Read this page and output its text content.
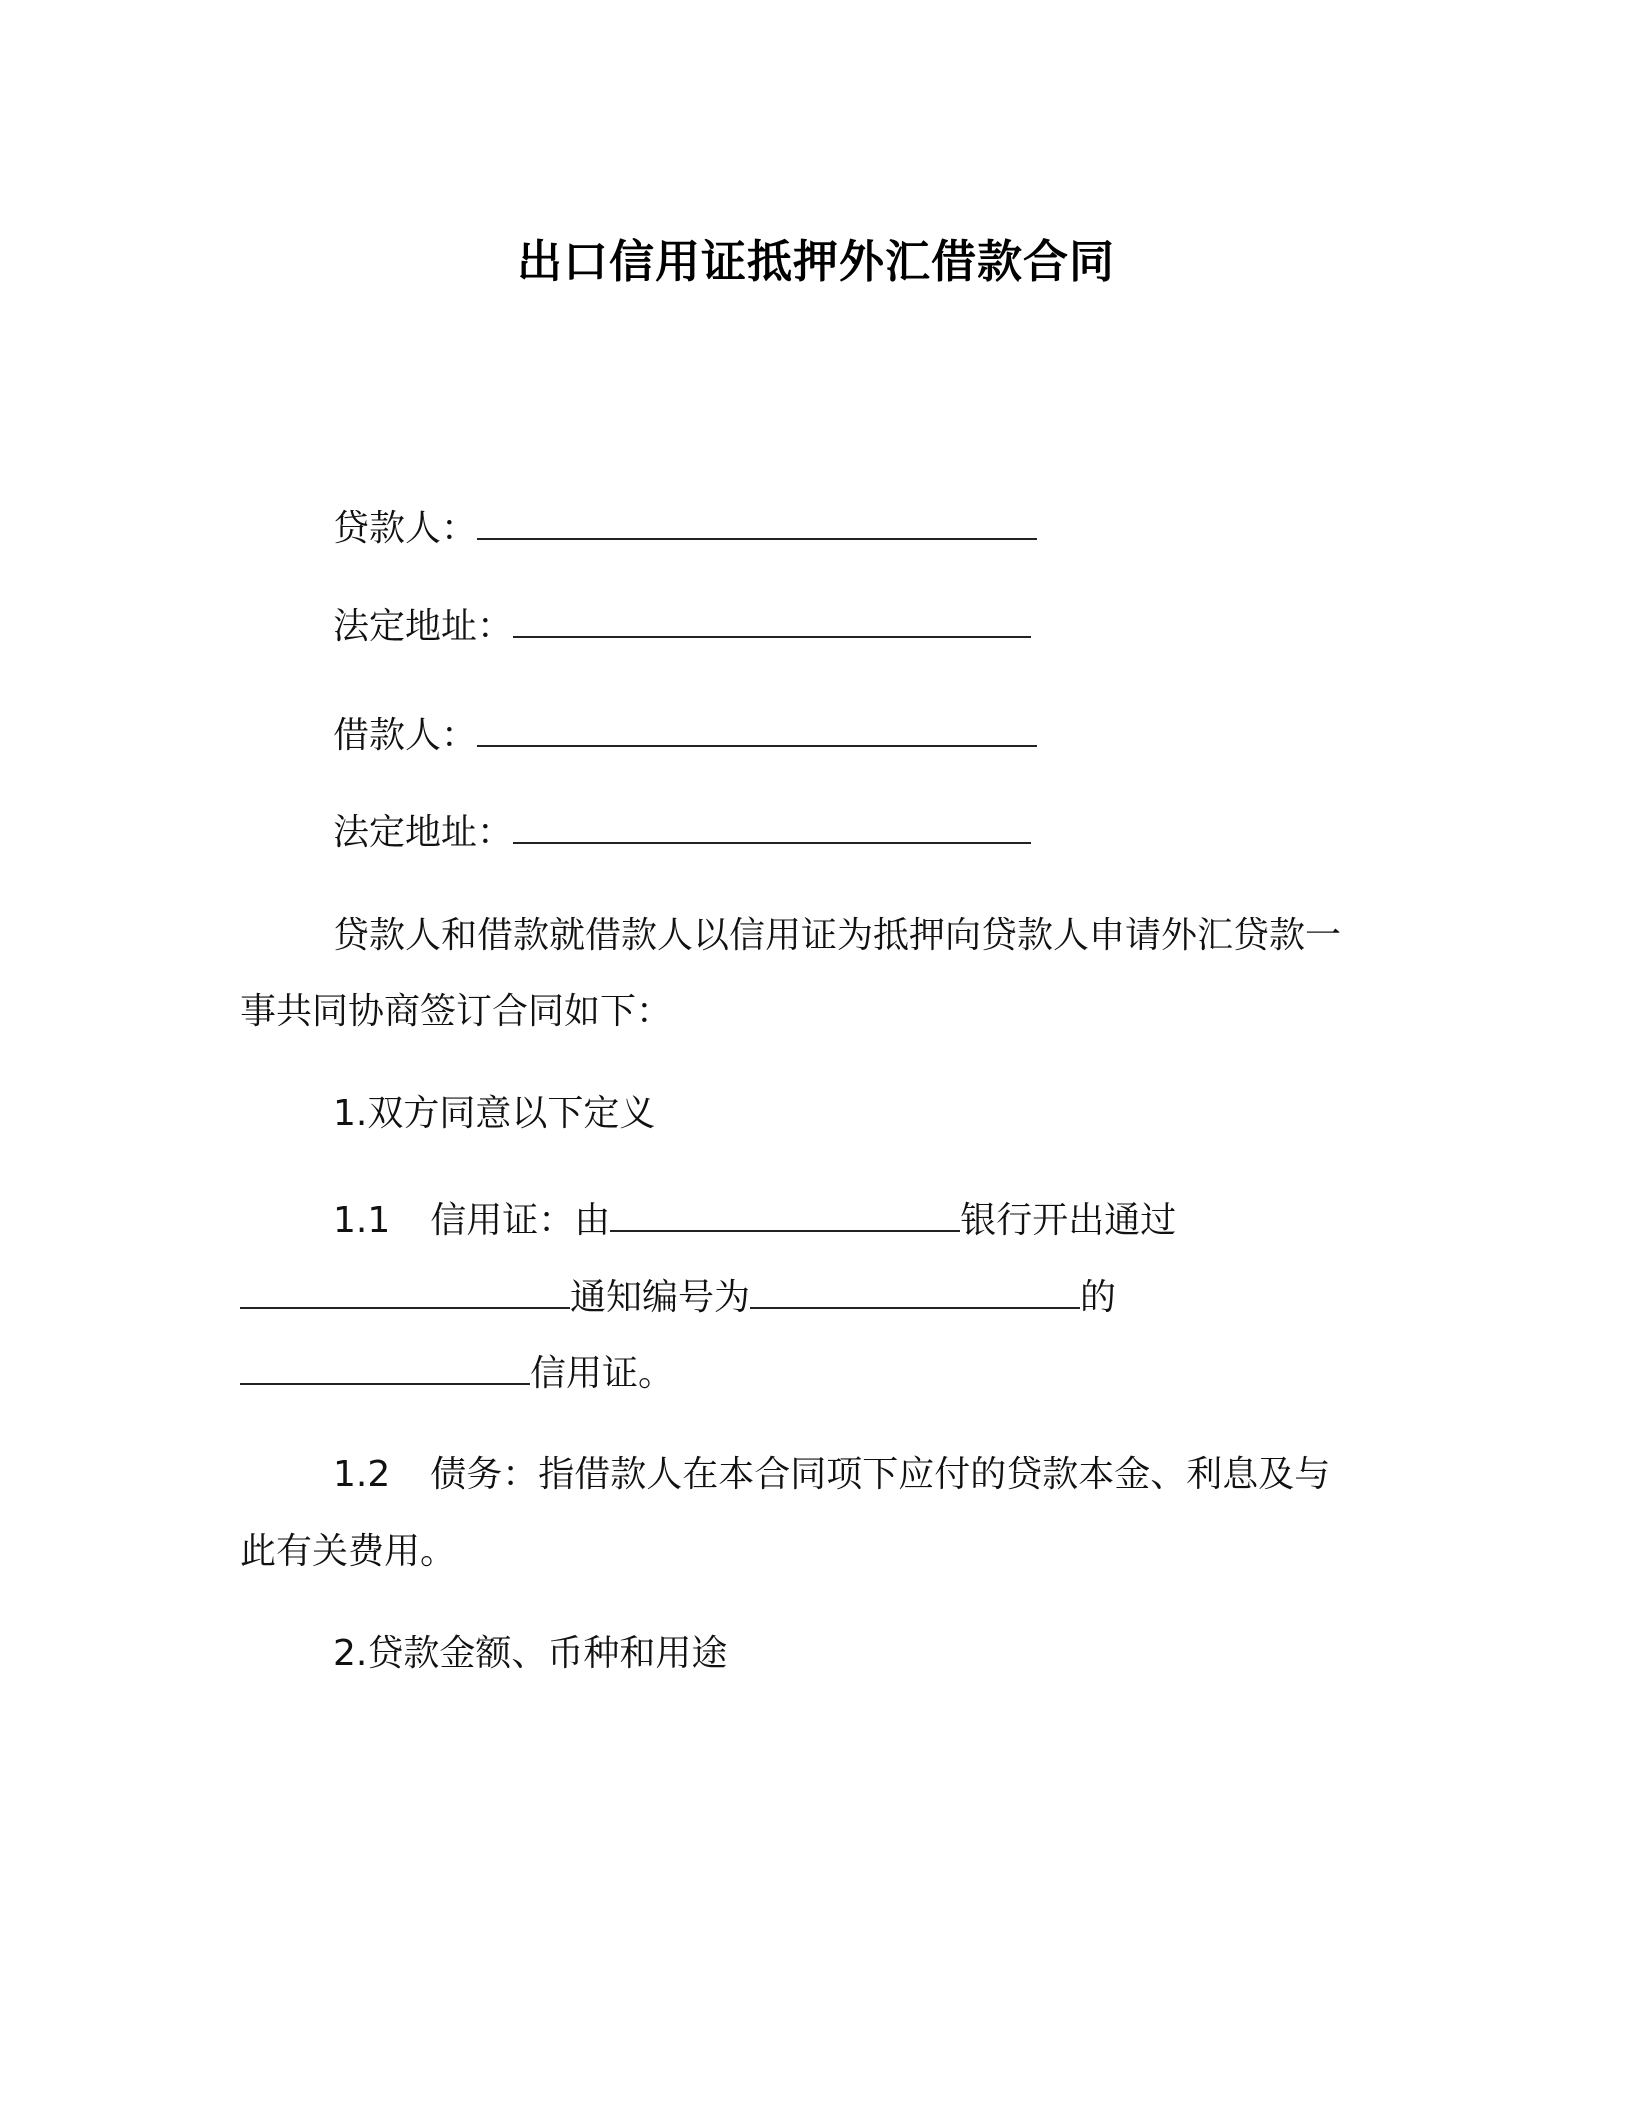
出口信用证抵押外汇借款合同
贷款人：
法定地址：
借款人：
法定地址：
贷款人和借款就借款人以信用证为抵押向贷款人申请外汇贷款一
事共同协商签订合同如下：
1.双方同意以下定义
1.1 信用证：由	银行开出通过
通知编号为	的
信用证。
1.2 债务：指借款人在本合同项下应付的贷款本金、利息及与
此有关费用。
2.贷款金额、币种和用途
